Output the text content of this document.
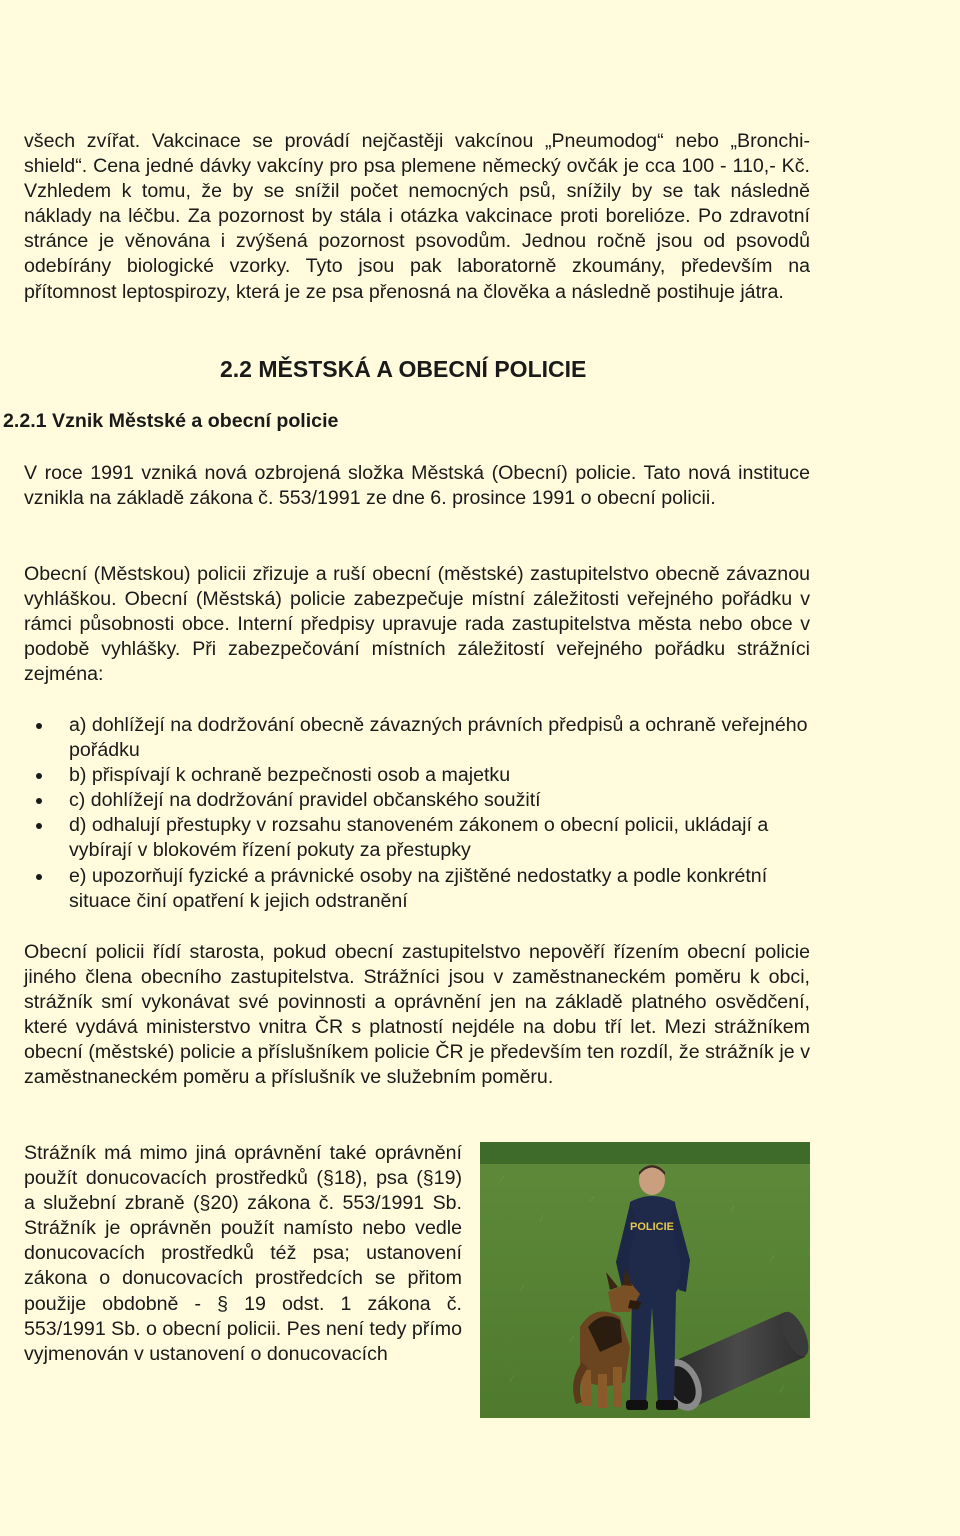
všech zvířat. Vakcinace se provádí nejčastěji vakcínou „Pneumodog“ nebo „Bronchi-shield“. Cena jedné dávky vakcíny pro psa plemene německý ovčák je cca 100 - 110,- Kč. Vzhledem k tomu, že by se snížil počet nemocných psů, snížily by se tak následně náklady na léčbu. Za pozornost by stála i otázka vakcinace proti borelióze. Po zdravotní stránce je věnována i zvýšená pozornost psovodům. Jednou ročně jsou od psovodů odebírány biologické vzorky. Tyto jsou pak laboratorně zkoumány, především na přítomnost leptospirozy, která je ze psa přenosná na člověka a následně postihuje játra.

2.2 MĚSTSKÁ A OBECNÍ POLICIE
2.2.1 Vznik Městské a obecní policie

V roce 1991 vzniká nová ozbrojená složka Městská (Obecní) policie. Tato nová instituce vznikla na základě zákona č. 553/1991 ze dne 6. prosince 1991 o obecní policii.

Obecní (Městskou) policii zřizuje a ruší obecní (městské) zastupitelstvo obecně závaznou vyhláškou. Obecní (Městská) policie zabezpečuje místní záležitosti veřejného pořádku v rámci působnosti obce. Interní předpisy upravuje rada zastupitelstva města nebo obce v podobě vyhlášky. Při zabezpečování místních záležitostí veřejného pořádku strážníci zejména:

a) dohlížejí na dodržování obecně závazných právních předpisů a ochraně veřejného pořádku
b) přispívají k ochraně bezpečnosti osob a majetku
c) dohlížejí na dodržování pravidel občanského soužití
d) odhalují přestupky v rozsahu stanoveném zákonem o obecní policii, ukládají a vybírají v blokovém řízení pokuty za přestupky
e) upozorňují fyzické a právnické osoby na zjištěné nedostatky a podle konkrétní situace činí opatření k jejich odstranění

Obecní policii řídí starosta, pokud obecní zastupitelstvo nepověří řízením obecní policie jiného člena obecního zastupitelstva. Strážníci jsou v zaměstnaneckém poměru k obci, strážník smí vykonávat své povinnosti a oprávnění jen na základě platného osvědčení, které vydává ministerstvo vnitra ČR s platností nejdéle na dobu tří let. Mezi strážníkem obecní (městské) policie a příslušníkem policie ČR je především ten rozdíl, že strážník je v zaměstnaneckém poměru a příslušník ve služebním poměru.

Strážník má mimo jiná oprávnění také oprávnění použít donucovacích prostředků (§18), psa (§19) a služební zbraně (§20) zákona č. 553/1991 Sb. Strážník je oprávněn použít namísto nebo vedle donucovacích prostředků též psa; ustanovení zákona o donucovacích prostředcích se přitom použije obdobně - § 19 odst. 1 zákona č. 553/1991 Sb. o obecní policii. Pes není tedy přímo vyjmenován v ustanovení o donucovacích

POLICIE
